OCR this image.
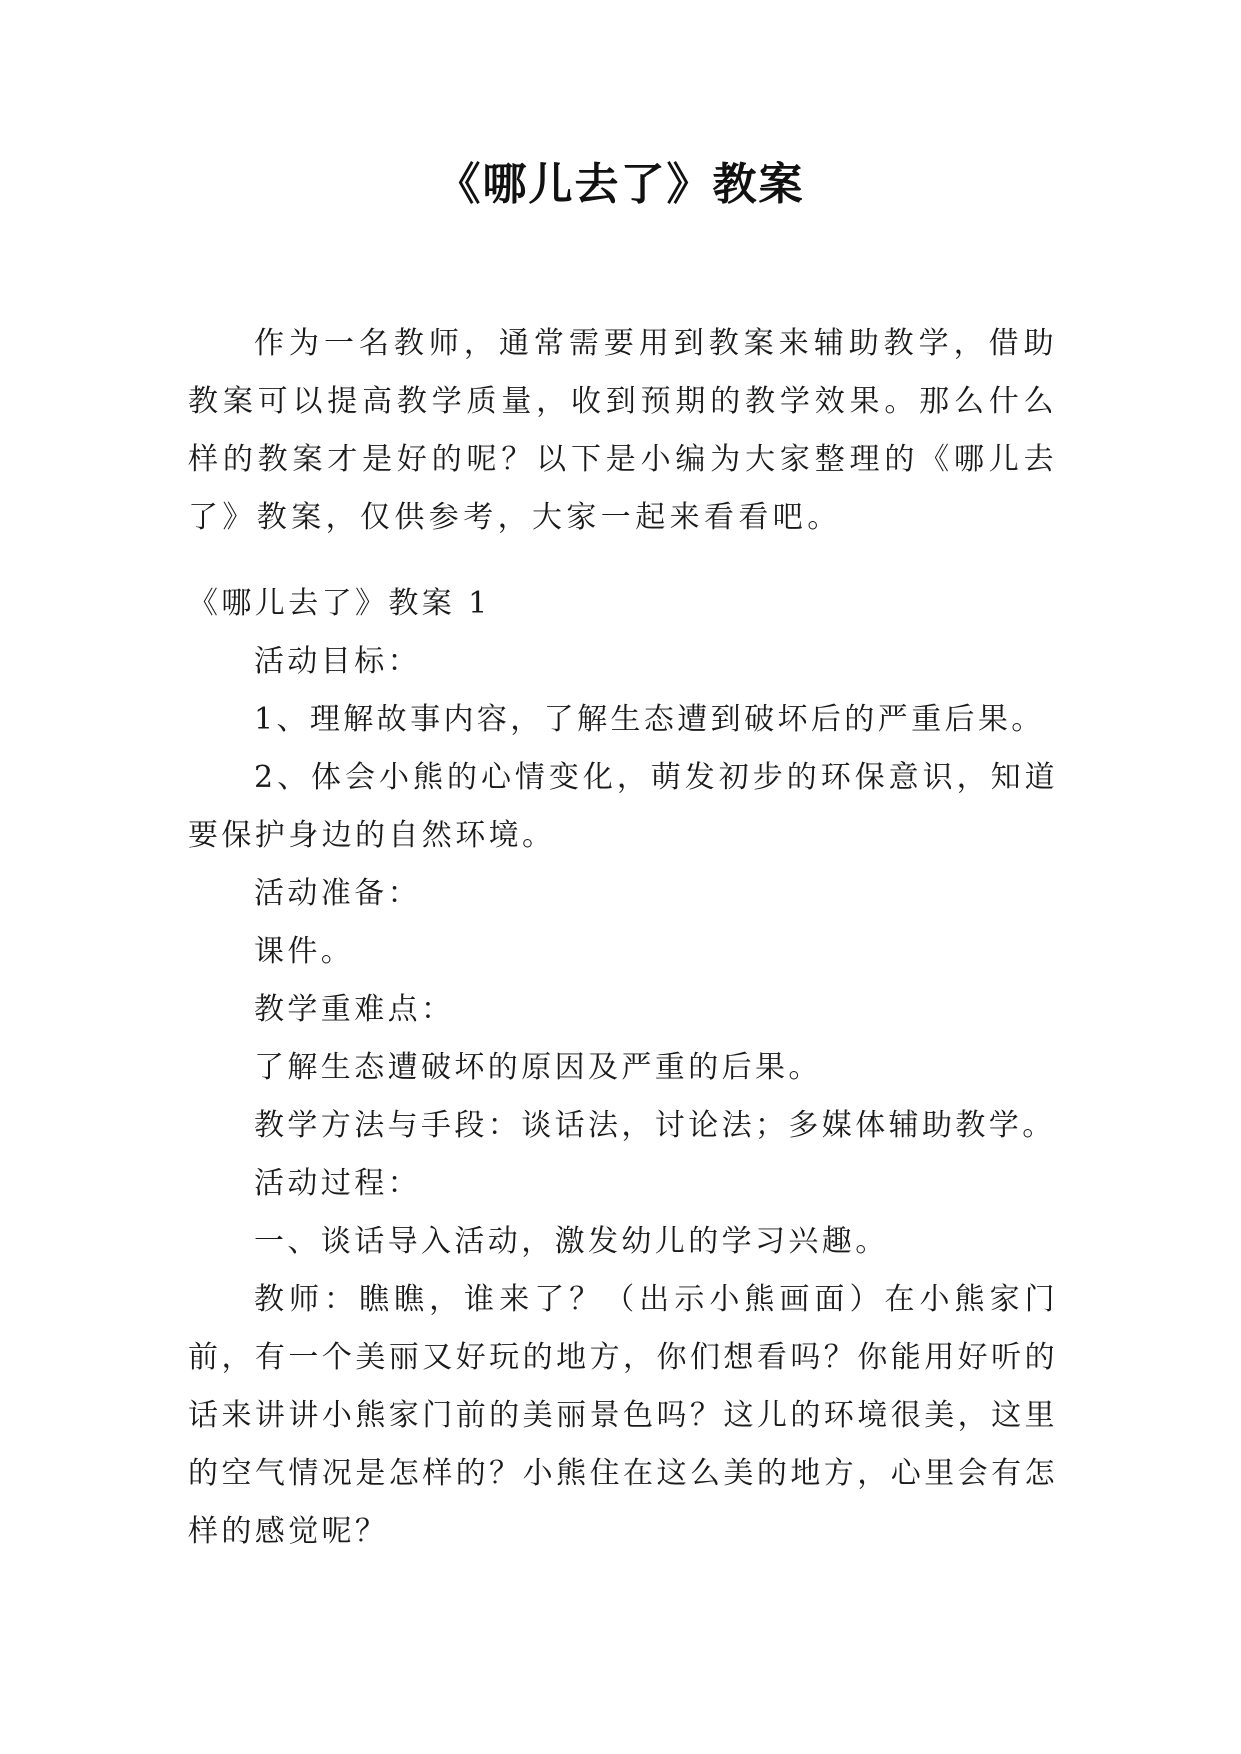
《哪儿去了》教案

作为一名教师，通常需要用到教案来辅助教学，借助教案可以提高教学质量，收到预期的教学效果。那么什么样的教案才是好的呢？以下是小编为大家整理的《哪儿去了》教案，仅供参考，大家一起来看看吧。

《哪儿去了》教案 1

活动目标：

1、理解故事内容，了解生态遭到破坏后的严重后果。

2、体会小熊的心情变化，萌发初步的环保意识，知道要保护身边的自然环境。

活动准备：

课件。

教学重难点：

了解生态遭破坏的原因及严重的后果。

教学方法与手段：谈话法，讨论法；多媒体辅助教学。

活动过程：

一、谈话导入活动，激发幼儿的学习兴趣。

教师：瞧瞧，谁来了？（出示小熊画面）在小熊家门前，有一个美丽又好玩的地方，你们想看吗？你能用好听的话来讲讲小熊家门前的美丽景色吗？这儿的环境很美，这里的空气情况是怎样的？小熊住在这么美的地方，心里会有怎样的感觉呢？
